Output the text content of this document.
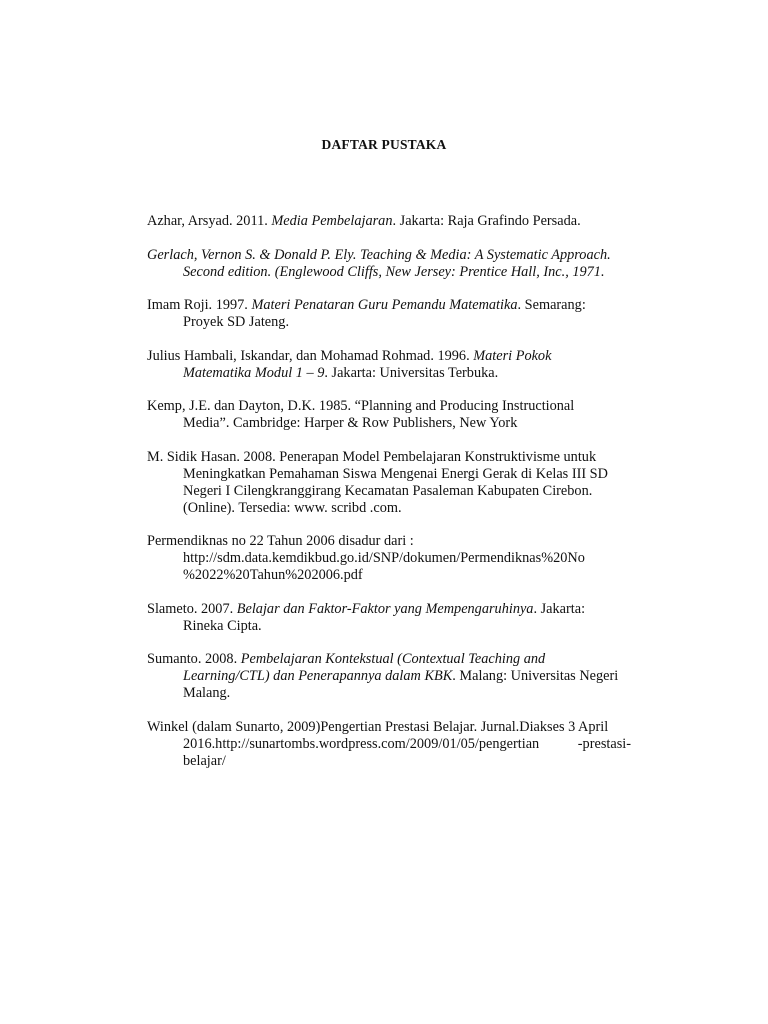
DAFTAR PUSTAKA
Azhar, Arsyad. 2011. Media Pembelajaran. Jakarta: Raja Grafindo Persada.
Gerlach, Vernon S. & Donald P. Ely. Teaching & Media: A Systematic Approach.
Second edition. (Englewood Cliffs, New Jersey: Prentice Hall, Inc., 1971.
Imam Roji. 1997. Materi Penataran Guru Pemandu Matematika. Semarang:
Proyek SD Jateng.
Julius Hambali, Iskandar, dan Mohamad Rohmad. 1996. Materi Pokok
Matematika Modul 1 – 9. Jakarta: Universitas Terbuka.
Kemp, J.E. dan Dayton, D.K. 1985. “Planning and Producing Instructional
Media”. Cambridge: Harper & Row Publishers, New York
M. Sidik Hasan. 2008. Penerapan Model Pembelajaran Konstruktivisme untuk
Meningkatkan Pemahaman Siswa Mengenai Energi Gerak di Kelas III SD
Negeri I Cilengkranggirang Kecamatan Pasaleman Kabupaten Cirebon.
(Online). Tersedia: www. scribd .com.
Permendiknas no 22 Tahun 2006 disadur dari :
http://sdm.data.kemdikbud.go.id/SNP/dokumen/Permendiknas%20No
%2022%20Tahun%202006.pdf
Slameto. 2007. Belajar dan Faktor-Faktor yang Mempengaruhinya. Jakarta:
Rineka Cipta.
Sumanto. 2008. Pembelajaran Kontekstual (Contextual Teaching and
Learning/CTL) dan Penerapannya dalam KBK. Malang: Universitas Negeri
Malang.
Winkel (dalam Sunarto, 2009)Pengertian Prestasi Belajar. Jurnal.Diakses 3 April
2016.http://sunartombs.wordpress.com/2009/01/05/pengertian	-prestasi-
belajar/
